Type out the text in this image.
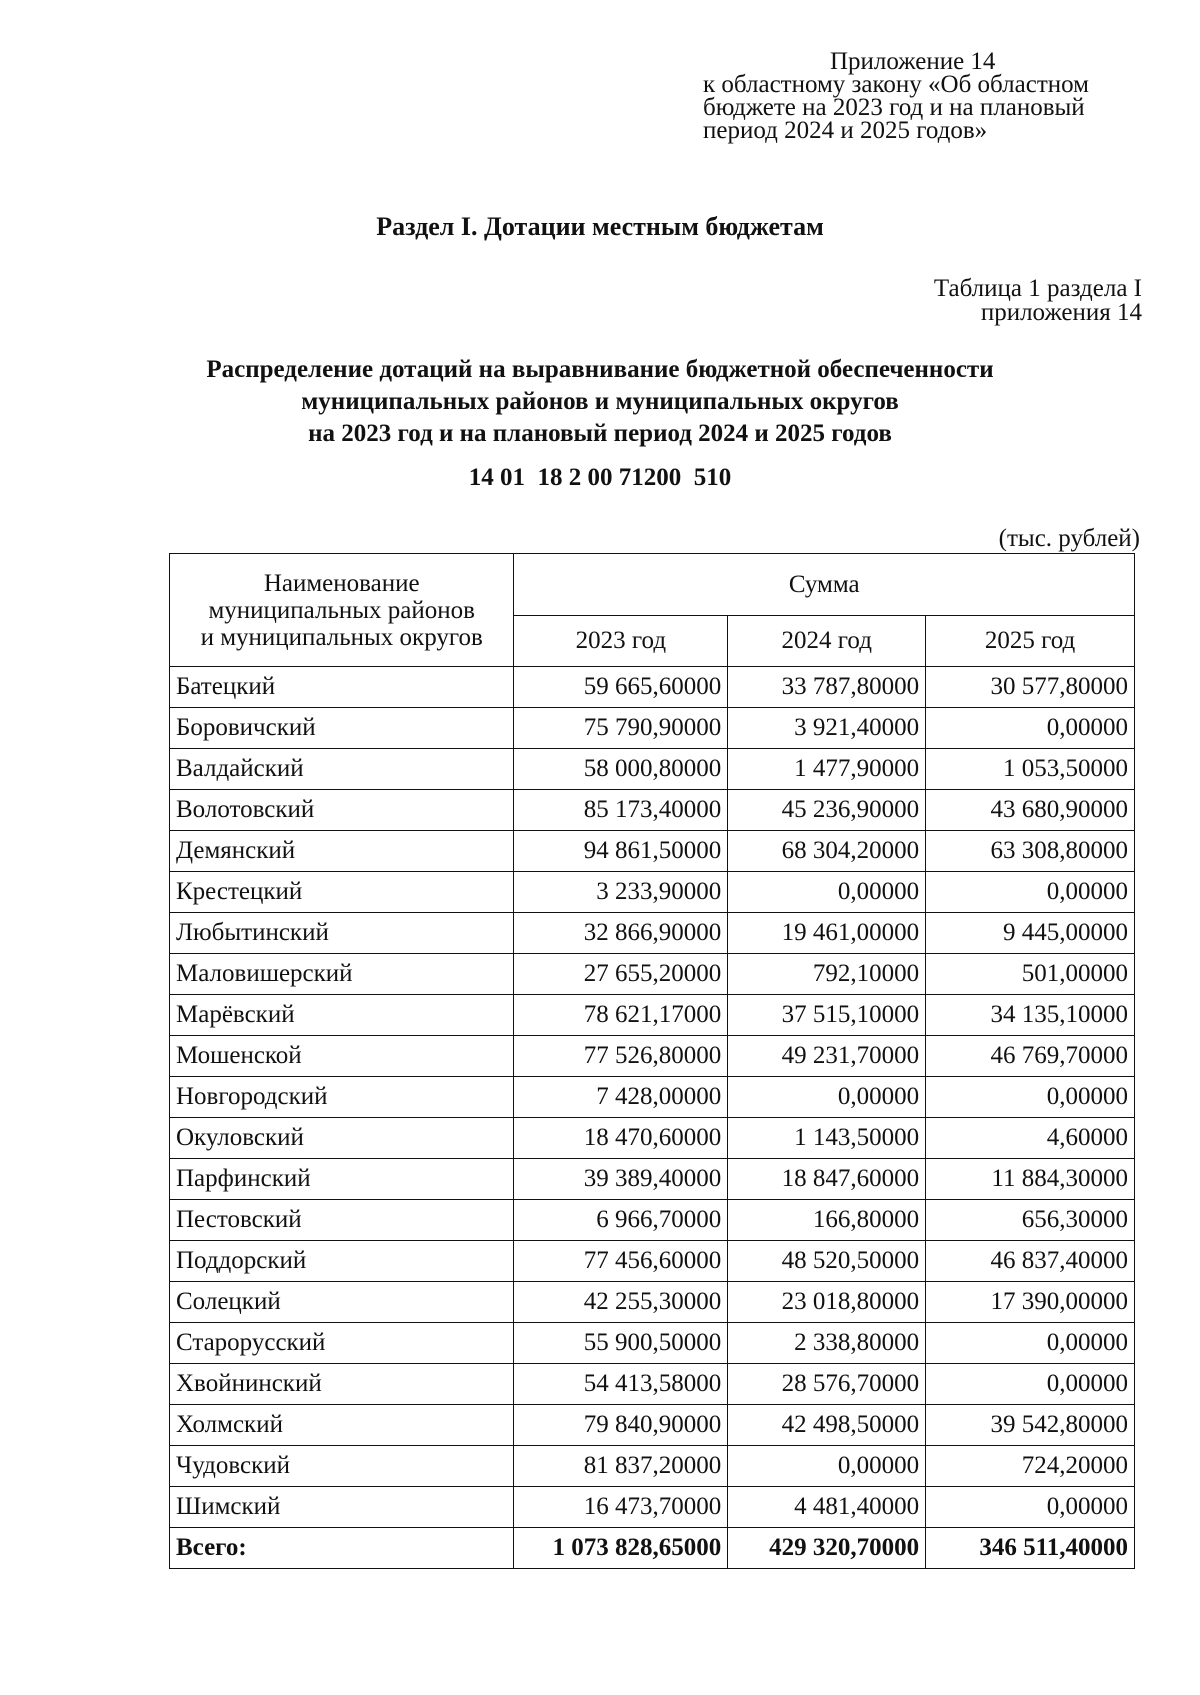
Приложение 14
к областному закону «Об областном
бюджете на 2023 год и на плановый
период 2024 и 2025 годов»
Раздел I. Дотации местным бюджетам
Таблица 1 раздела I
приложения 14
Распределение дотаций на выравнивание бюджетной обеспеченности
муниципальных районов и муниципальных округов
на 2023 год и на плановый период 2024 и 2025 годов
14 01  18 2 00 71200  510
(тыс. рублей)
Наименование
муниципальных районов
и муниципальных округов	Сумма		
	2023 год	2024 год	2025 год
Батецкий	59 665,60000	33 787,80000	30 577,80000
Боровичский	75 790,90000	3 921,40000	0,00000
Валдайский	58 000,80000	1 477,90000	1 053,50000
Волотовский	85 173,40000	45 236,90000	43 680,90000
Демянский	94 861,50000	68 304,20000	63 308,80000
Крестецкий	3 233,90000	0,00000	0,00000
Любытинский	32 866,90000	19 461,00000	9 445,00000
Маловишерский	27 655,20000	792,10000	501,00000
Марёвский	78 621,17000	37 515,10000	34 135,10000
Мошенской	77 526,80000	49 231,70000	46 769,70000
Новгородский	7 428,00000	0,00000	0,00000
Окуловский	18 470,60000	1 143,50000	4,60000
Парфинский	39 389,40000	18 847,60000	11 884,30000
Пестовский	6 966,70000	166,80000	656,30000
Поддорский	77 456,60000	48 520,50000	46 837,40000
Солецкий	42 255,30000	23 018,80000	17 390,00000
Старорусский	55 900,50000	2 338,80000	0,00000
Хвойнинский	54 413,58000	28 576,70000	0,00000
Холмский	79 840,90000	42 498,50000	39 542,80000
Чудовский	81 837,20000	0,00000	724,20000
Шимский	16 473,70000	4 481,40000	0,00000
Всего:	1 073 828,65000	429 320,70000	346 511,40000
